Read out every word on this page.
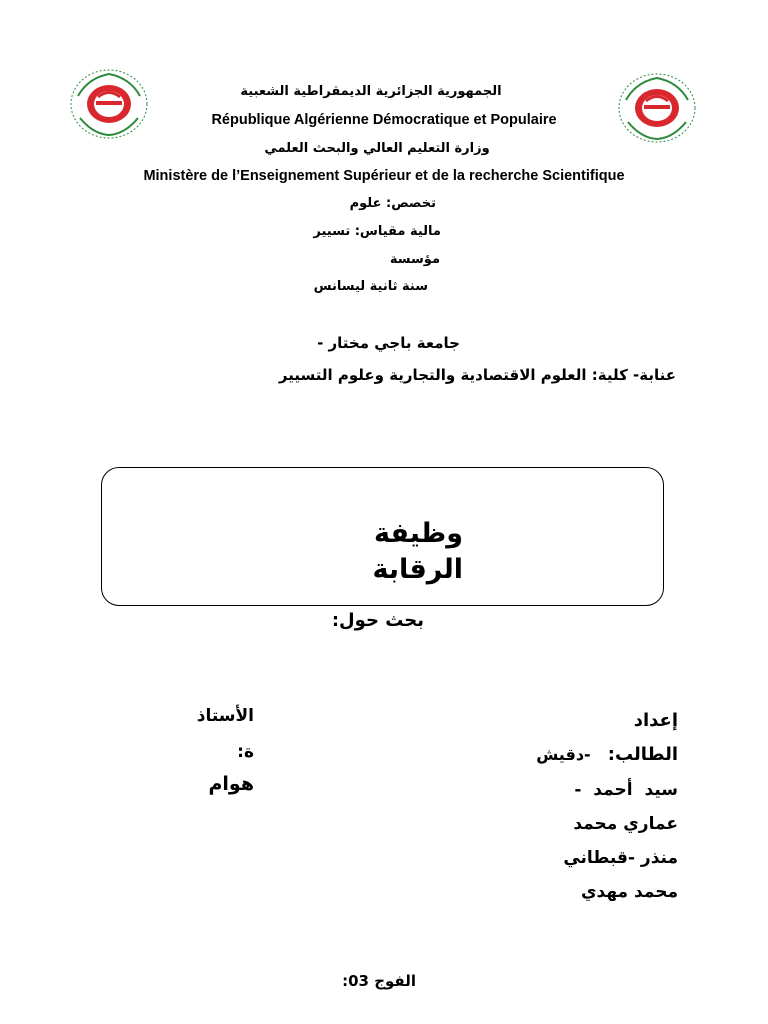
الجمهورية الجزائرية الديمقراطية الشعبية
République Algérienne Démocratique et Populaire
وزارة التعليم العالي والبحث العلمي
Ministère de l’Enseignement Supérieur et de la recherche Scientifique
تخصص: علوم
مالية مقياس: تسيير
مؤسسة
سنة ثانية ليسانس
جامعة باجي مختار -
عنابة- كلية: العلوم الاقتصادية والتجارية وعلوم التسيير
وظيفة
الرقابة
بحث حول:
الأستاذ
ة:
هوام
إعداد
الطالب: -دقيش
سيد أحمد -
عماري محمد
منذر -قبطاني
محمد مهدي
الفوج 03:
